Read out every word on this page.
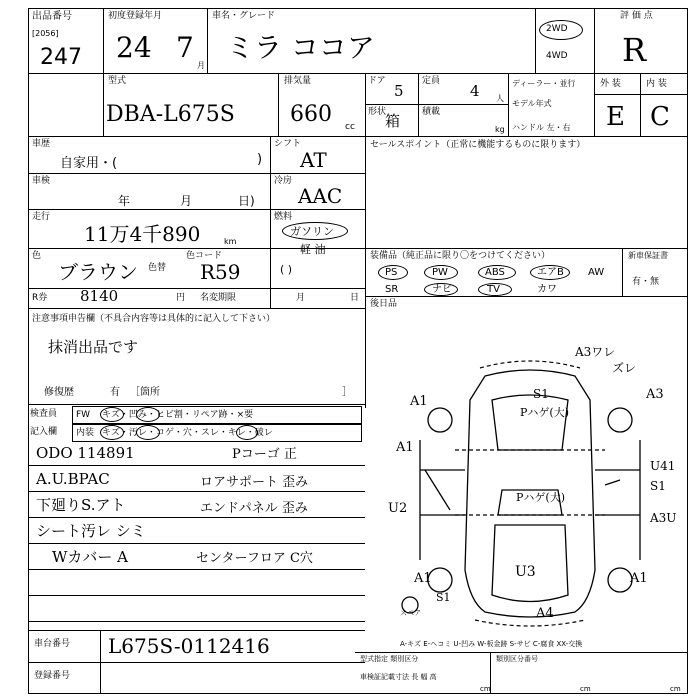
出品番号
[2056]
247
初度登録年月
24 7
月
車名・グレード
ミラ ココア
2WD
4WD
評 価 点
R
型式
DBA-L675S
排気量
660 cc
ドア
5
定員
4 人
形状
箱 積載
kg
ディーラー・並行
モデル年式
ハンドル 左・右
外 装	内 装
E C
車歴
自家用・(	)
シフト
AT
車検
年	月	日)
冷房
AAC
走行
11万4千890	km
燃料
ガソリン
軽 油
( )
色
ブラウン 色替
色コード
R59
R券 8140	円 名変期限	月	日
セールスポイント（正常に機能するものに限ります）
装備品（純正品に限り〇をつけてください）	新車保証書
有・無
PS	PW	ABS	エアB AW
SR	ナビ	TV	カワ
後日品
注意事項申告欄（不具合内容等は具体的に記入して下さい）
抹消出品です
修復歴	有 ［箇所	］
検査員
記入欄
FW キズ・凹み・ヒビ割・リペア跡・×要
内装 キズ・汚レ・コゲ・穴・スレ・キレ・破レ
ODO 114891
A.U.BPAC
下廻りS.アト
シート汚レ シミ
Wカバー A
Pコーゴ 正
ロアサポート 歪み
エンドパネル 歪み
センターフロア C穴
A3ワレ
ズレ
A1	S1	A3
Pハゲ(大)
A1
U41
S1
U2
Pハゲ(大)
A3U
U3
A1	A1
S1
スペア	A4
A-キズ E-ヘコミ U-凹み W-板金跡 S-サビ C-腐食 XX-交換
車台番号 L675S-0112416
登録番号
型式指定 類別区分
車検証記載寸法 長 幅 高
類別区分番号
cm	cm	cm
